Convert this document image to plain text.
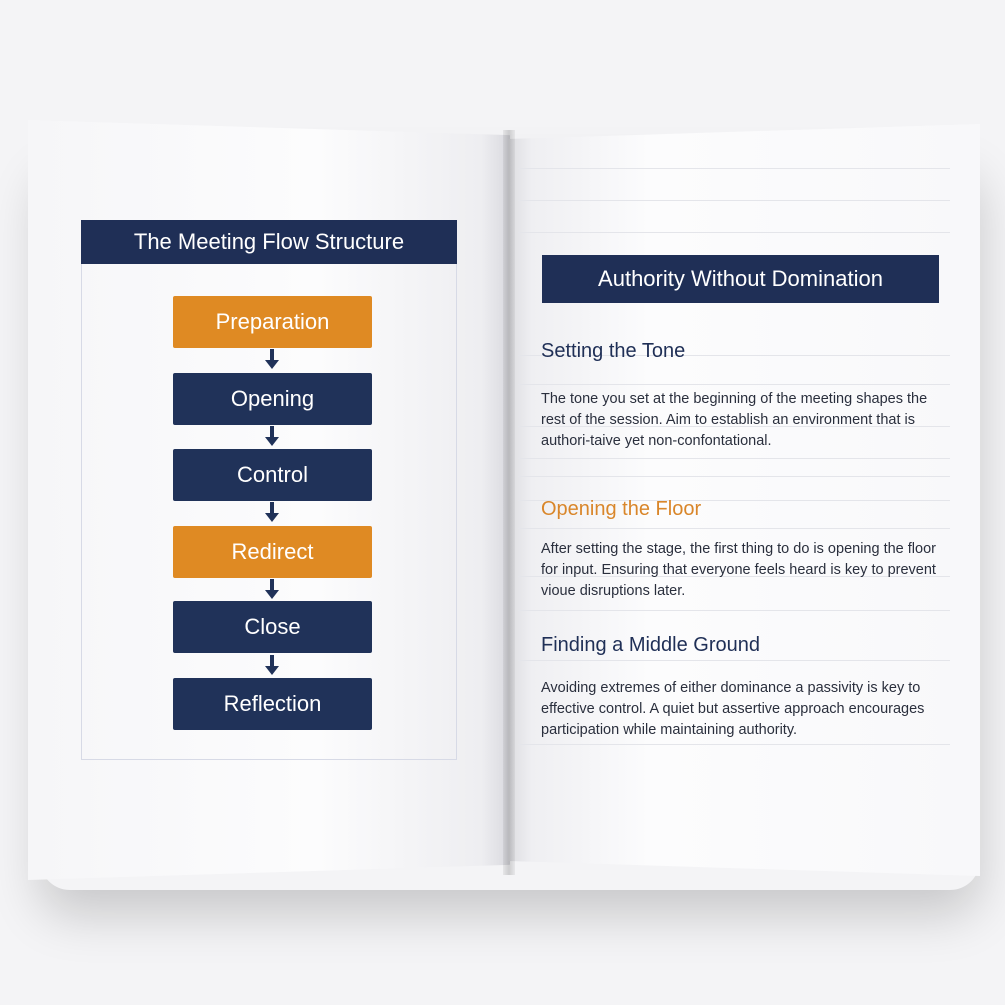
The Meeting Flow Structure
Preparation
Opening
Control
Redirect
Close
Reflection
Authority Without Domination
Setting the Tone
The tone you set at the beginning of the meeting shapes the rest of the session. Aim to establish an environment that is authori-taive yet non-confontational.
Opening the Floor
After setting the stage, the first thing to do is opening the floor for input. Ensuring that everyone feels heard is key to prevent vioue disruptions later.
Finding a Middle Ground
Avoiding extremes of either dominance a passivity is key to effective control. A quiet but assertive approach encourages participation while maintaining authority.
